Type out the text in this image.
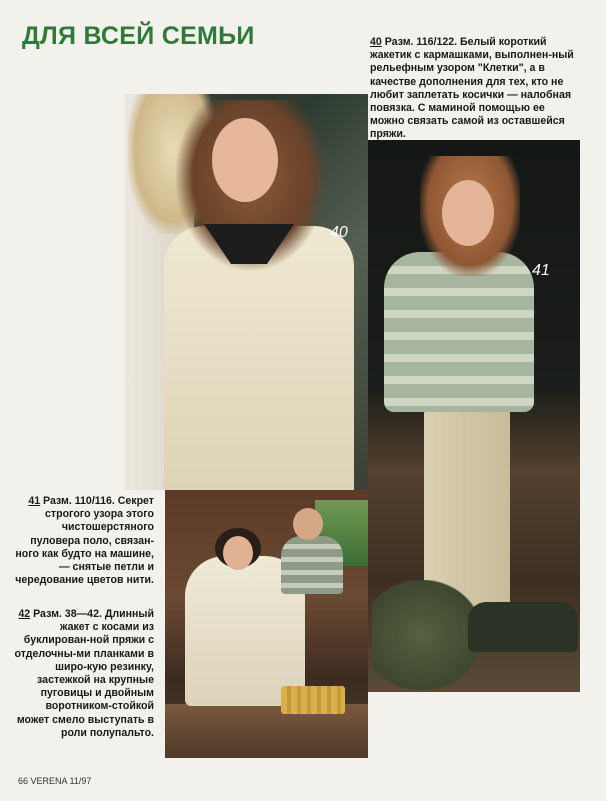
ДЛЯ ВСЕЙ СЕМЬИ	40 Разм. 116/122. Белый короткий жакетик с кармашками, выполнен-ный рельефным узором "Клетки", а в качестве дополнения для тех, кто не любит заплетать косички — налобная повязка. С маминой помощью ее можно связать самой из оставшейся пряжи.
40
41
41 Разм. 110/116. Секрет строгого узора этого чистошерстяного пуловера поло, связан-ного как будто на машине, — снятые петли и чередование цветов нити.
42 Разм. 38—42. Длинный жакет с косами из буклирован-ной пряжи с отделочны-ми планками в широ-кую резинку, застежкой на крупные пуговицы и двойным воротником-стойкой может смело выступать в роли полупальто.
66 VERENA 11/97
